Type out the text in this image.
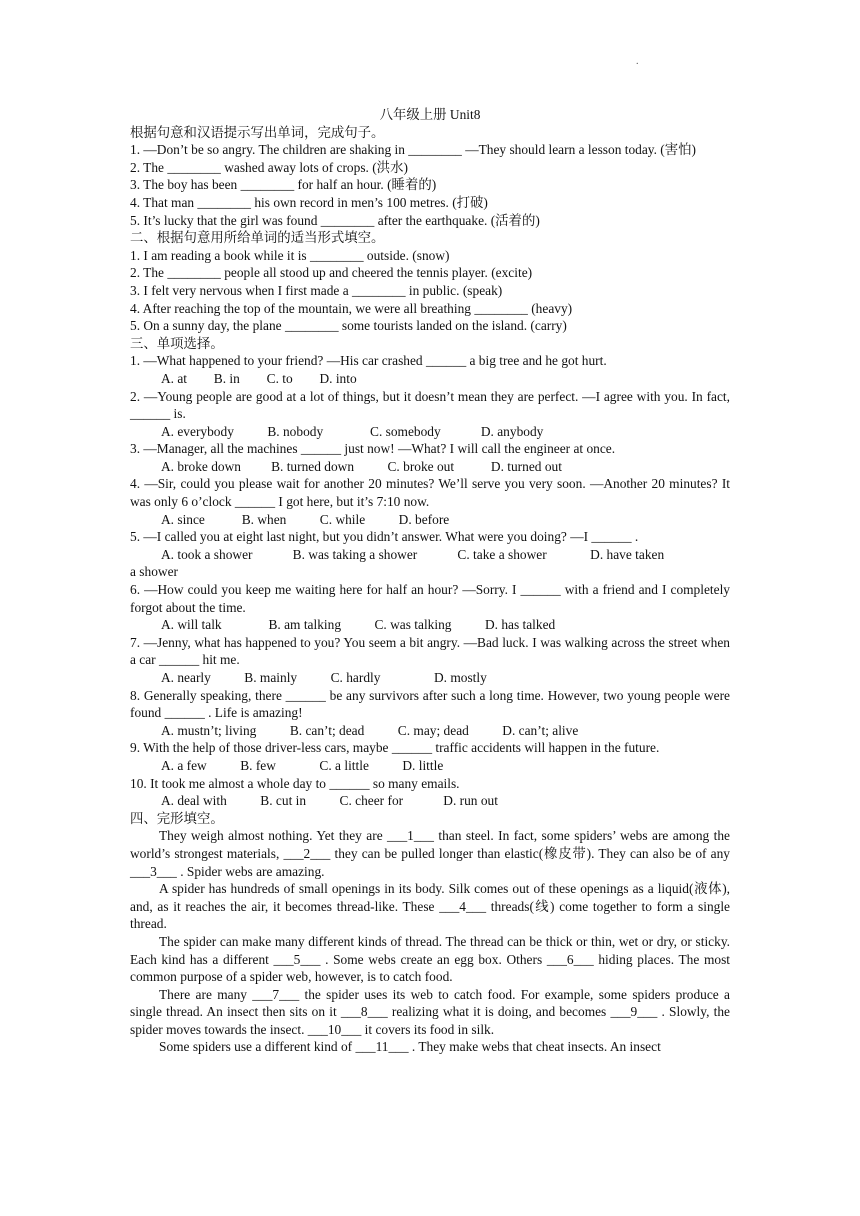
.

八年级上册 Unit8

根据句意和汉语提示写出单词，完成句子。

1. —Don’t be so angry. The children are shaking in ________ —They should learn a lesson today. (害怕)

2. The ________ washed away lots of crops. (洪水)

3. The boy has been ________ for half an hour. (睡着的)

4. That man ________ his own record in men’s 100 metres. (打破)

5. It’s lucky that the girl was found ________ after the earthquake. (活着的)

二、根据句意用所给单词的适当形式填空。

1. I am reading a book while it is ________ outside. (snow)

2. The ________ people all stood up and cheered the tennis player. (excite)

3. I felt very nervous when I first made a ________ in public. (speak)

4. After reaching the top of the mountain, we were all breathing ________ (heavy)

5. On a sunny day, the plane ________ some tourists landed on the island. (carry)

三、单项选择。

1. —What happened to your friend? —His car crashed ______ a big tree and he got hurt.

A. at        B. in        C. to        D. into

2. —Young people are good at a lot of things, but it doesn’t mean they are perfect. —I agree with you. In fact, ______ is.

A. everybody          B. nobody              C. somebody            D. anybody

3. —Manager, all the machines ______ just now! —What? I will call the engineer at once.

A. broke down         B. turned down          C. broke out           D. turned out

4. —Sir, could you please wait for another 20 minutes? We’ll serve you very soon. —Another 20 minutes? It was only 6 o’clock ______ I got here, but it’s 7:10 now.

A. since           B. when          C. while          D. before

5. —I called you at eight last night, but you didn’t answer. What were you doing? —I ______ .

A. took a shower            B. was taking a shower            C. take a shower             D. have taken

a shower

6. —How could you keep me waiting here for half an hour? —Sorry. I ______ with a friend and I completely forgot about the time.

A. will talk              B. am talking          C. was talking          D. has talked

7. —Jenny, what has happened to you? You seem a bit angry. —Bad luck. I was walking across the street when a car ______ hit me.

A. nearly          B. mainly          C. hardly                D. mostly

8. Generally speaking, there ______ be any survivors after such a long time. However, two young people were found ______ . Life is amazing!

A. mustn’t; living          B. can’t; dead          C. may; dead          D. can’t; alive

9. With the help of those driver-less cars, maybe ______ traffic accidents will happen in the future.

A. a few          B. few             C. a little          D. little

10. It took me almost a whole day to ______ so many emails.

A. deal with          B. cut in          C. cheer for            D. run out

四、完形填空。

They weigh almost nothing. Yet they are ___1___ than steel. In fact, some spiders’ webs are among the world’s strongest materials, ___2___ they can be pulled longer than elastic(橡皮带). They can also be of any ___3___ . Spider webs are amazing.

A spider has hundreds of small openings in its body. Silk comes out of these openings as a liquid(液体), and, as it reaches the air, it becomes thread-like. These ___4___ threads(线) come together to form a single thread.

The spider can make many different kinds of thread. The thread can be thick or thin, wet or dry, or sticky. Each kind has a different ___5___ . Some webs create an egg box. Others ___6___ hiding places. The most common purpose of a spider web, however, is to catch food.

There are many ___7___ the spider uses its web to catch food. For example, some spiders produce a single thread. An insect then sits on it ___8___ realizing what it is doing, and becomes ___9___ . Slowly, the spider moves towards the insect. ___10___ it covers its food in silk.

Some spiders use a different kind of ___11___ . They make webs that cheat insects. An insect
